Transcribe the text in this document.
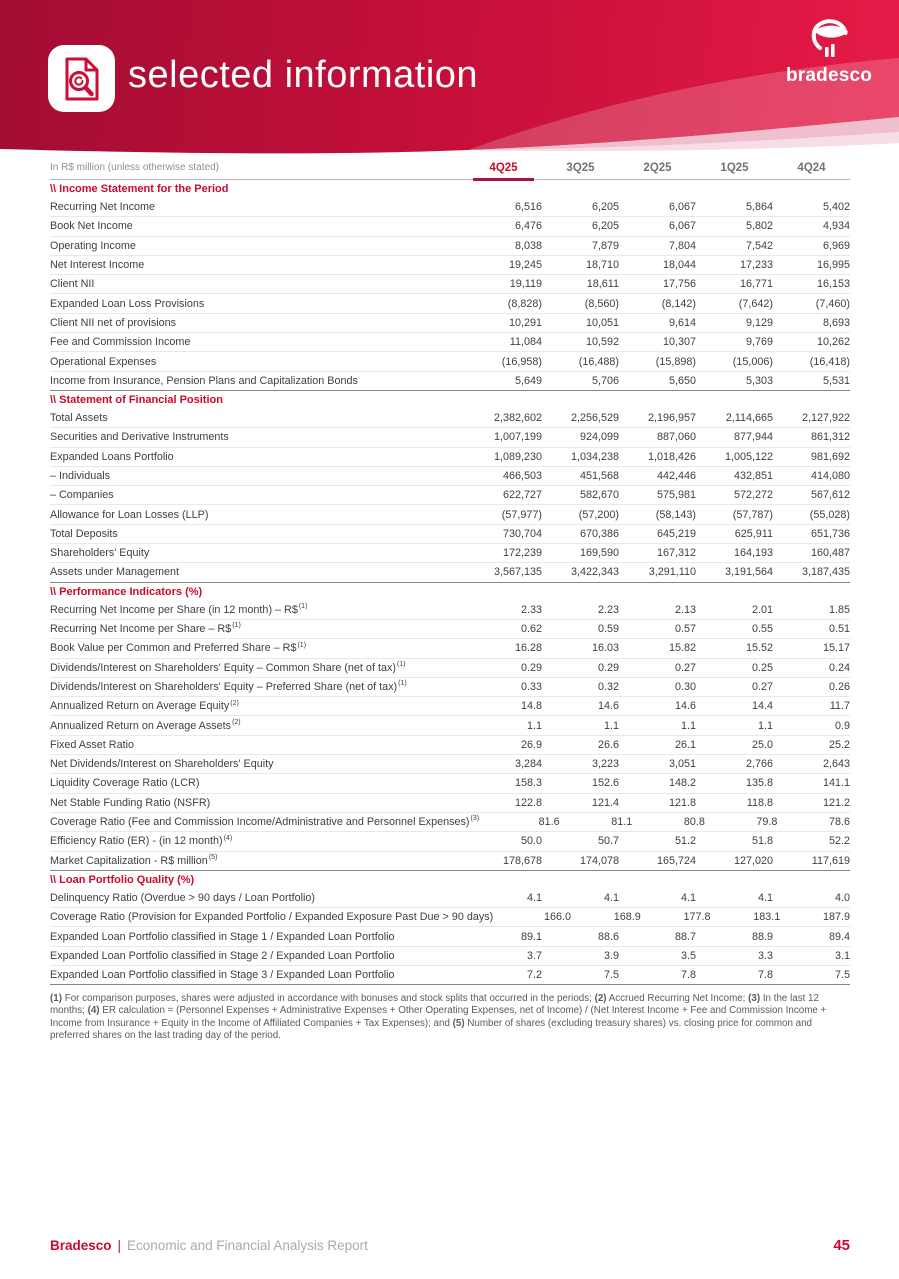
selected information	bradesco
In R$ million (unless otherwise stated)	4Q25	3Q25	2Q25	1Q25	4Q24
\\ Income Statement for the Period
Recurring Net Income	6,516	6,205	6,067	5,864	5,402
Book Net Income	6,476	6,205	6,067	5,802	4,934
Operating Income	8,038	7,879	7,804	7,542	6,969
Net Interest Income	19,245	18,710	18,044	17,233	16,995
Client NII	19,119	18,611	17,756	16,771	16,153
Expanded Loan Loss Provisions	(8,828)	(8,560)	(8,142)	(7,642)	(7,460)
Client NII net of provisions	10,291	10,051	9,614	9,129	8,693
Fee and Commission Income	11,084	10,592	10,307	9,769	10,262
Operational Expenses	(16,958)	(16,488)	(15,898)	(15,006)	(16,418)
Income from Insurance, Pension Plans and Capitalization Bonds	5,649	5,706	5,650	5,303	5,531
\\ Statement of Financial Position
Total Assets	2,382,602	2,256,529	2,196,957	2,114,665	2,127,922
Securities and Derivative Instruments	1,007,199	924,099	887,060	877,944	861,312
Expanded Loans Portfolio	1,089,230	1,034,238	1,018,426	1,005,122	981,692
– Individuals	466,503	451,568	442,446	432,851	414,080
– Companies	622,727	582,670	575,981	572,272	567,612
Allowance for Loan Losses (LLP)	(57,977)	(57,200)	(58,143)	(57,787)	(55,028)
Total Deposits	730,704	670,386	645,219	625,911	651,736
Shareholders' Equity	172,239	169,590	167,312	164,193	160,487
Assets under Management	3,567,135	3,422,343	3,291,110	3,191,564	3,187,435
\\ Performance Indicators (%)
Recurring Net Income per Share (in 12 month) – R\$$^{(1)}$	2.33	2.23	2.13	2.01	1.85
Recurring Net Income per Share – R\$$^{(1)}$	0.62	0.59	0.57	0.55	0.51
Book Value per Common and Preferred Share – R\$$^{(1)}$	16.28	16.03	15.82	15.52	15.17
Dividends/Interest on Shareholders' Equity – Common Share (net of tax)$^{(1)}$	0.29	0.29	0.27	0.25	0.24
Dividends/Interest on Shareholders' Equity – Preferred Share (net of tax)$^{(1)}$	0.33	0.32	0.30	0.27	0.26
Annualized Return on Average Equity$^{(2)}$	14.8	14.6	14.6	14.4	11.7
Annualized Return on Average Assets$^{(2)}$	1.1	1.1	1.1	1.1	0.9
Fixed Asset Ratio	26.9	26.6	26.1	25.0	25.2
Net Dividends/Interest on Shareholders' Equity	3,284	3,223	3,051	2,766	2,643
Liquidity Coverage Ratio (LCR)	158.3	152.6	148.2	135.8	141.1
Net Stable Funding Ratio (NSFR)	122.8	121.4	121.8	118.8	121.2
Coverage Ratio (Fee and Commission Income/Administrative and Personnel Expenses)$^{(3)}$	81.6	81.1	80.8	79.8	78.6
Efficiency Ratio (ER) - (in 12 month)$^{(4)}$	50.0	50.7	51.2	51.8	52.2
Market Capitalization - R$ million$^{(5)}$	178,678	174,078	165,724	127,020	117,619
\\ Loan Portfolio Quality (%)
Delinquency Ratio (Overdue > 90 days / Loan Portfolio)	4.1	4.1	4.1	4.1	4.0
Coverage Ratio (Provision for Expanded Portfolio / Expanded Exposure Past Due > 90 days)	166.0	168.9	177.8	183.1	187.9
Expanded Loan Portfolio classified in Stage 1 / Expanded Loan Portfolio	89.1	88.6	88.7	88.9	89.4
Expanded Loan Portfolio classified in Stage 2 / Expanded Loan Portfolio	3.7	3.9	3.5	3.3	3.1
Expanded Loan Portfolio classified in Stage 3 / Expanded Loan Portfolio	7.2	7.5	7.8	7.8	7.5

(1) For comparison purposes, shares were adjusted in accordance with bonuses and stock splits that occurred in the periods; (2) Accrued Recurring Net Income; (3) In the last 12 months; (4) ER calculation = (Personnel Expenses + Administrative Expenses + Other Operating Expenses, net of Income) / (Net Interest Income + Fee and Commission Income + Income from Insurance + Equity in the Income of Affiliated Companies + Tax Expenses); and (5) Number of shares (excluding treasury shares) vs. closing price for common and preferred shares on the last trading day of the period.

Bradesco | Economic and Financial Analysis Report	45
